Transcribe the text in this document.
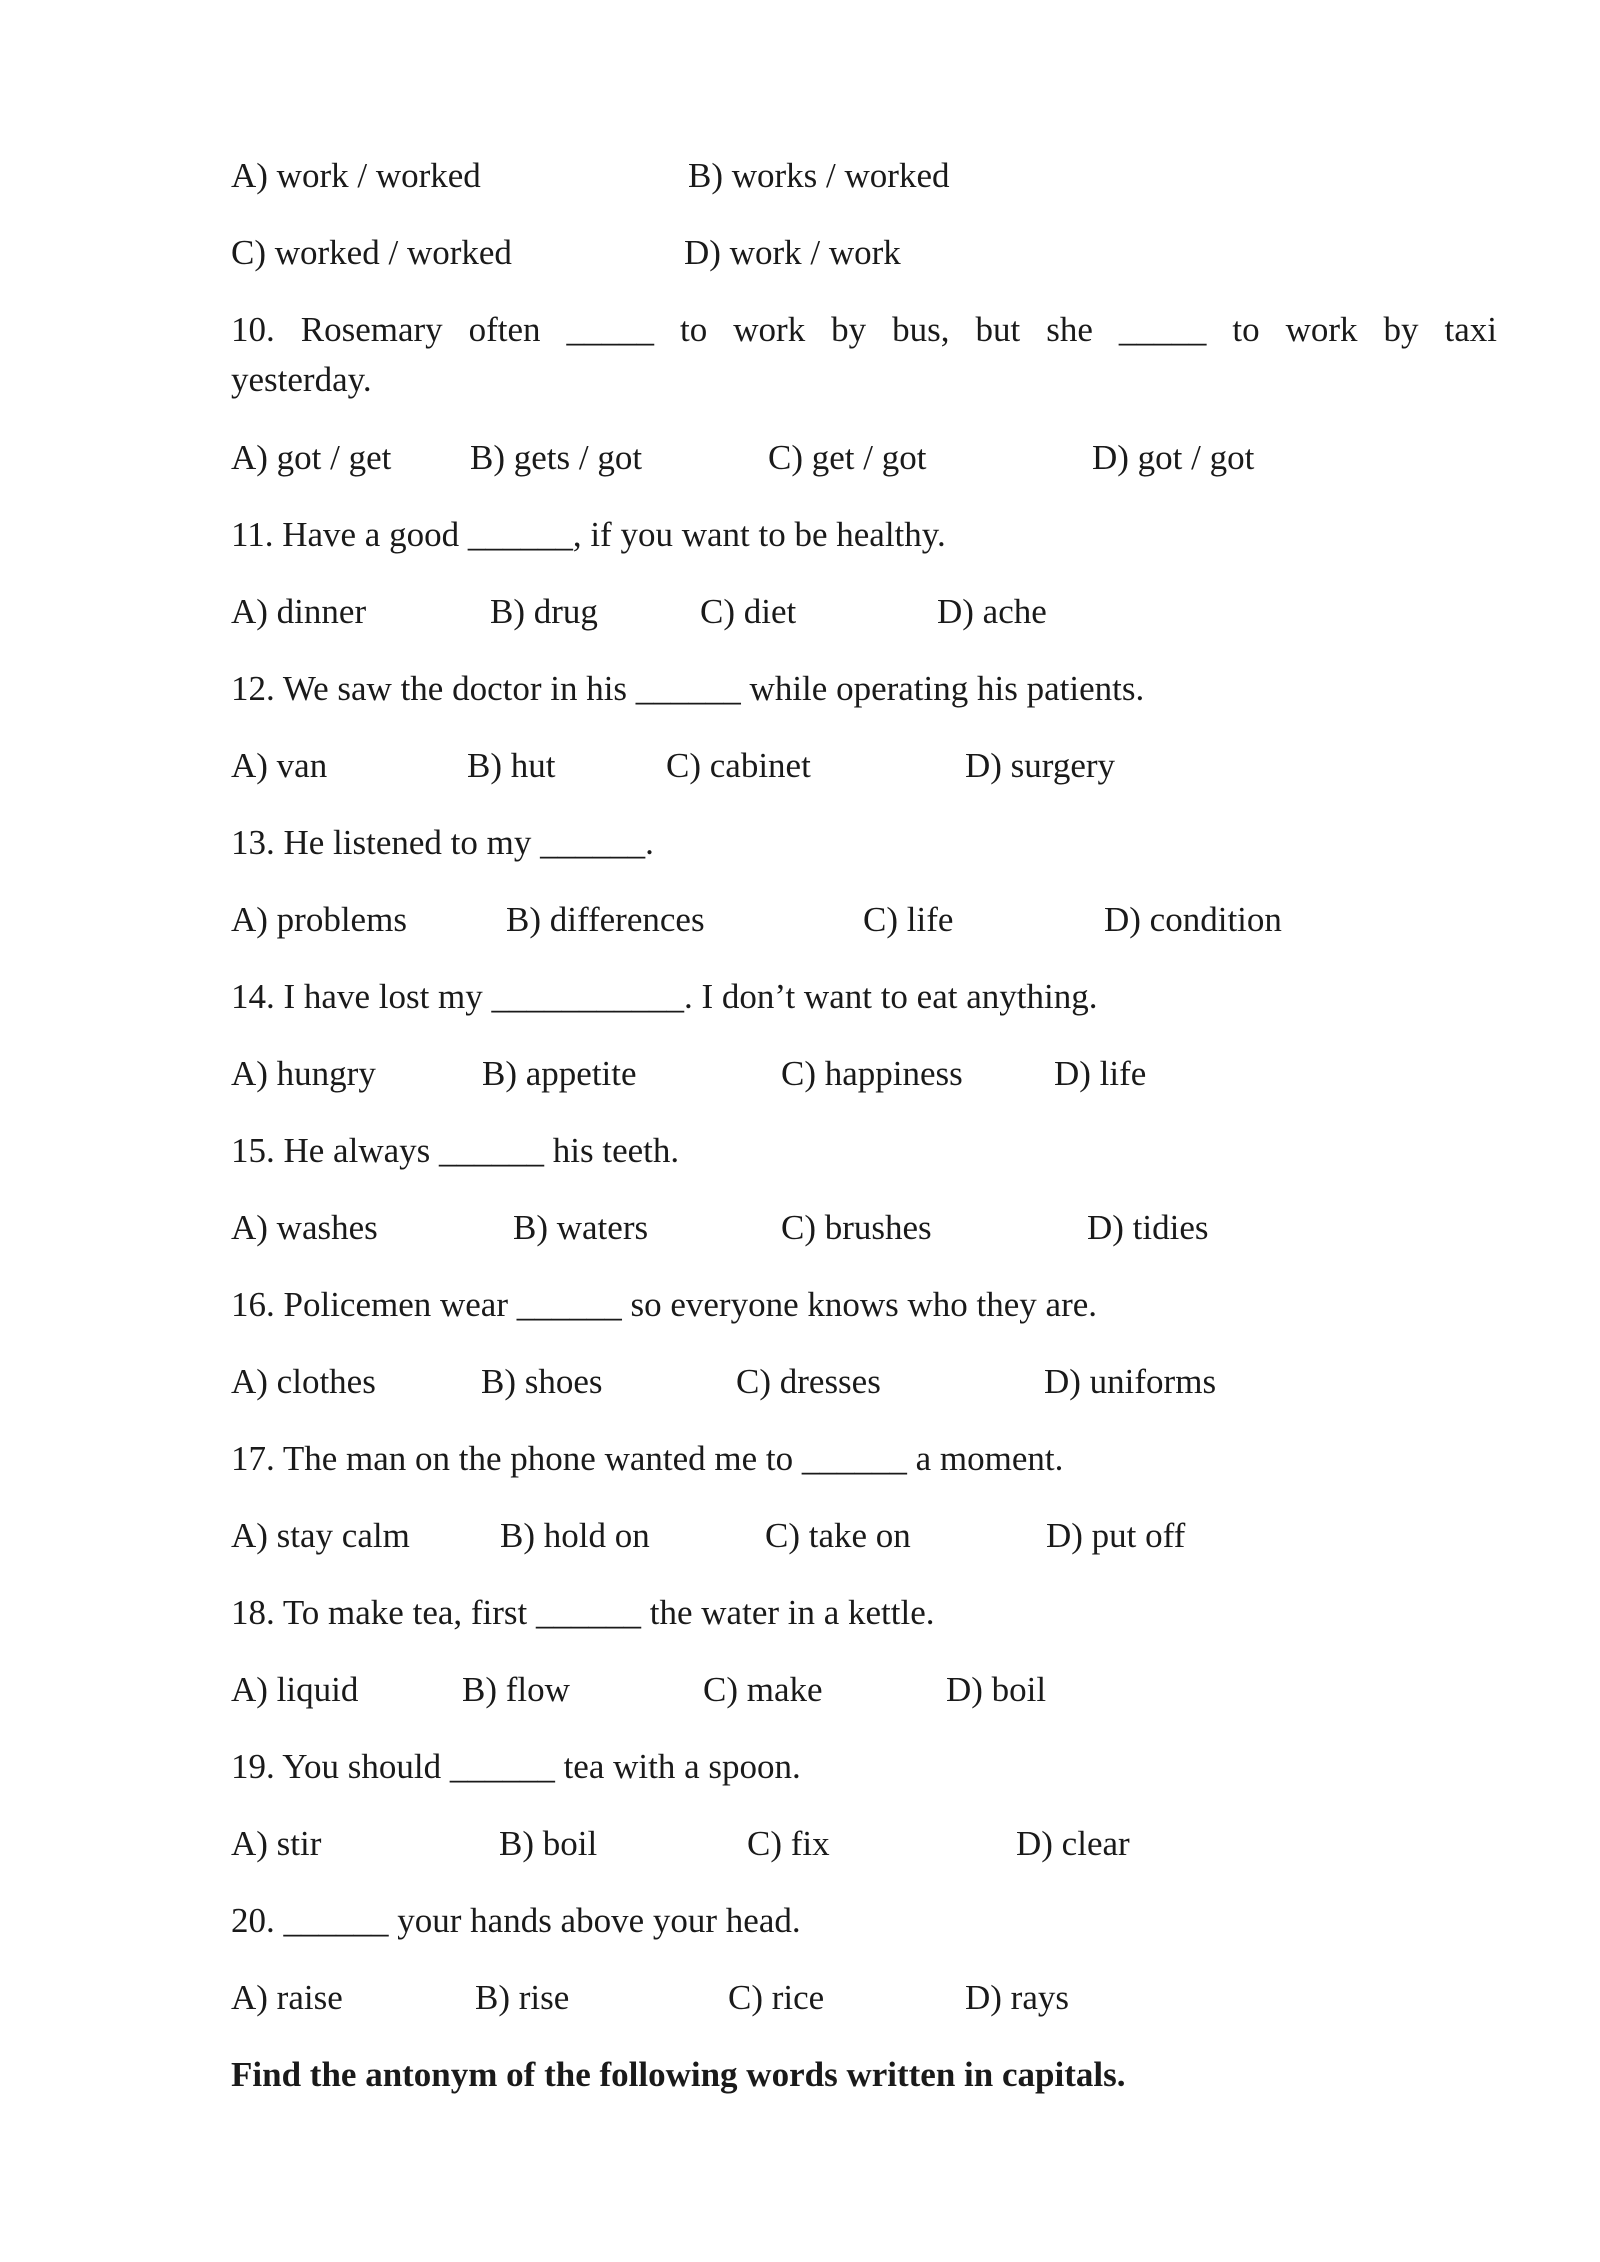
A) work / worked	B) works / worked
C) worked / worked	D) work / work
10. Rosemary often _____ to work by bus, but she _____ to work by taxi
yesterday.
A) got / get B) gets / got	C) get / got	D) got / got
11. Have a good ______, if you want to be healthy.
A) dinner	B) drug	C) diet	D) ache
12. We saw the doctor in his ______ while operating his patients.
A) van	B) hut	C) cabinet	D) surgery
13. He listened to my ______.
A) problems	B) differences	C) life	D) condition
14. I have lost my ___________. I don’t want to eat anything.
A) hungry	B) appetite	C) happiness	D) life
15. He always ______ his teeth.
A) washes	B) waters	C) brushes	D) tidies
16. Policemen wear ______ so everyone knows who they are.
A) clothes	B) shoes	C) dresses	D) uniforms
17. The man on the phone wanted me to ______ a moment.
A) stay calm	B) hold on	C) take on	D) put off
18. To make tea, first ______ the water in a kettle.
A) liquid	B) flow	C) make	D) boil
19. You should ______ tea with a spoon.
A) stir	B) boil	C) fix	D) clear
20. ______ your hands above your head.
A) raise	B) rise	C) rice	D) rays
Find the antonym of the following words written in capitals.
